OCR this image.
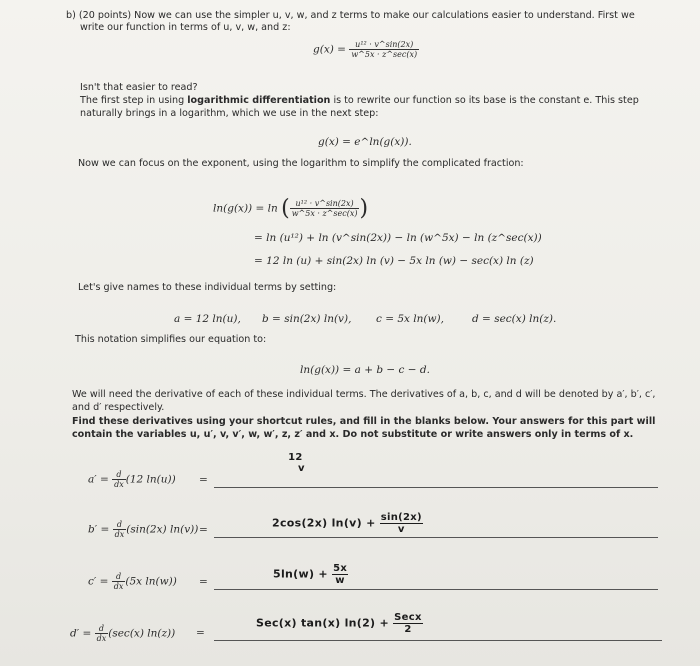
b) (20 points) Now we can use the simpler u, v, w, and z terms to make our calculations easier to understand. First we
write our function in terms of u, v, w, and z:
$g(x) = \frac{\text{u¹² · v\textasciicircum{}sin(2x)}}{w\^{}5x \cdot z\^{}\sec(x)}$
Isn't that easier to read?
The first step in using logarithmic differentiation is to rewrite our function so its base is the constant e. This step
naturally brings in a logarithm, which we use in the next step:
g(x) = e^ln(g(x)).
Now we can focus on the exponent, using the logarithm to simplify the complicated fraction:
ln(g(x)) = ln ( $\frac{\text{u¹² · v\textasciicircum{}sin(2x)}}{w\^{}5x \cdot z\^{}\sec(x)}$ )
= ln (u¹²) + ln (v^sin(2x)) − ln (w^5x) − ln (z^sec(x))
= 12 ln (u) + sin(2x) ln (v) − 5x ln (w) − sec(x) ln (z)
Let's give names to these individual terms by setting:
a = 12 ln(u), b = sin(2x) ln(v), c = 5x ln(w),	d = sec(x) ln(z).
This notation simplifies our equation to:
ln(g(x)) = a + b − c − d.
We will need the derivative of each of these individual terms. The derivatives of a, b, c, and d will be denoted by a′, b′, c′,
and d′ respectively.
Find these derivatives using your shortcut rules, and fill in the blanks below. Your answers for this part will
contain the variables u, u′, v, v′, w, w′, z, z′ and x. Do not substitute or write answers only in terms of x.
$a' = \frac{d}{dx} (12$ ln(u)) =
12
v
$b' = \frac{d}{dx} (\sin(2x) \ln(v))$ =
2cos(2x) $\ln(v) + \frac{\sin(2x)}{v}$
$c' = \frac{d}{dx} (5x$ ln(w)) =
$5\ln(w) + \frac{5x}{w}$
$d' = \frac{d}{dx} (\sec(x) \ln(z))$ =
Sec(x) tan(x) ln(2) + Secx
2
